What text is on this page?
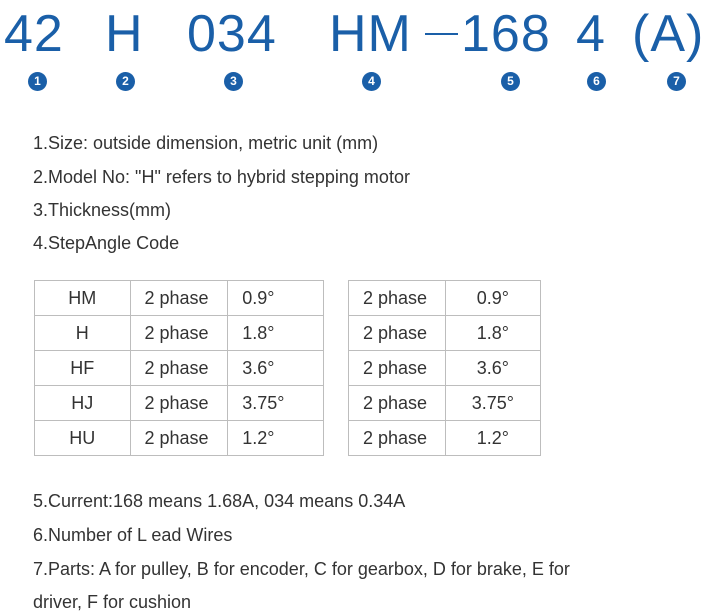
42 H 034 HM 168 4 (A)
1	2	3	4	5	6	7
1.Size: outside dimension, metric unit (mm)
2.Model No: "H" refers to hybrid stepping motor
3.Thickness(mm)
4.StepAngle Code
HM	2 phase	0.9°
H	2 phase	1.8°
HF	2 phase	3.6°
HJ	2 phase	3.75°
HU	2 phase	1.2°
2 phase	0.9°
2 phase	1.8°
2 phase	3.6°
2 phase	3.75°
2 phase	1.2°
5.Current:168 means 1.68A, 034 means 0.34A
6.Number of L ead Wires
7.Parts: A for pulley, B for encoder, C for gearbox, D for brake, E for
driver, F for cushion
